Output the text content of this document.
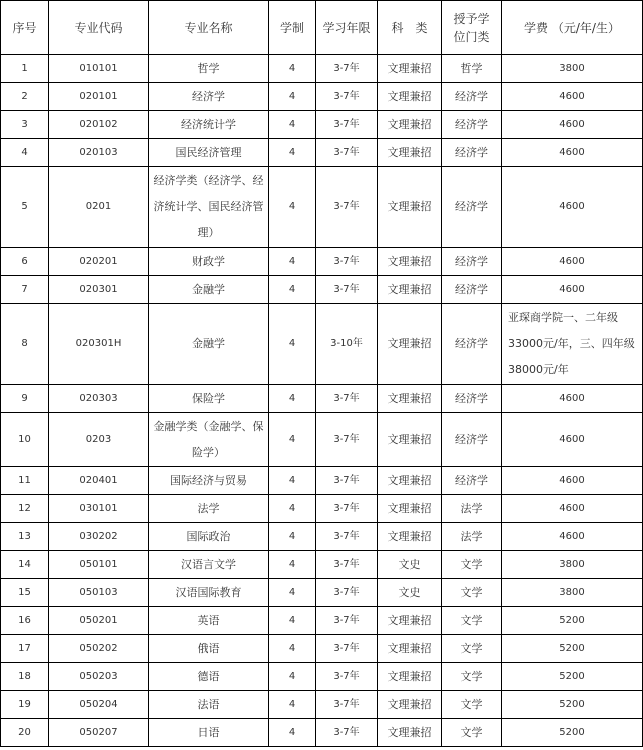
序号	专业代码	专业名称	学制	学习年限	科　类	授予学位门类	学费 （元/年/生）
1	010101	哲学	4	3-7年	文理兼招	哲学	3800
2	020101	经济学	4	3-7年	文理兼招	经济学	4600
3	020102	经济统计学	4	3-7年	文理兼招	经济学	4600
4	020103	国民经济管理	4	3-7年	文理兼招	经济学	4600
5	0201	经济学类（经济学、经济统计学、国民经济管理）	4	3-7年	文理兼招	经济学	4600
6	020201	财政学	4	3-7年	文理兼招	经济学	4600
7	020301	金融学	4	3-7年	文理兼招	经济学	4600
8	020301H	金融学	4	3-10年	文理兼招	经济学	亚琛商学院一、二年级33000元/年，三、四年级38000元/年
9	020303	保险学	4	3-7年	文理兼招	经济学	4600
10	0203	金融学类（金融学、保险学）	4	3-7年	文理兼招	经济学	4600
11	020401	国际经济与贸易	4	3-7年	文理兼招	经济学	4600
12	030101	法学	4	3-7年	文理兼招	法学	4600
13	030202	国际政治	4	3-7年	文理兼招	法学	4600
14	050101	汉语言文学	4	3-7年	文史	文学	3800
15	050103	汉语国际教育	4	3-7年	文史	文学	3800
16	050201	英语	4	3-7年	文理兼招	文学	5200
17	050202	俄语	4	3-7年	文理兼招	文学	5200
18	050203	德语	4	3-7年	文理兼招	文学	5200
19	050204	法语	4	3-7年	文理兼招	文学	5200
20	050207	日语	4	3-7年	文理兼招	文学	5200
